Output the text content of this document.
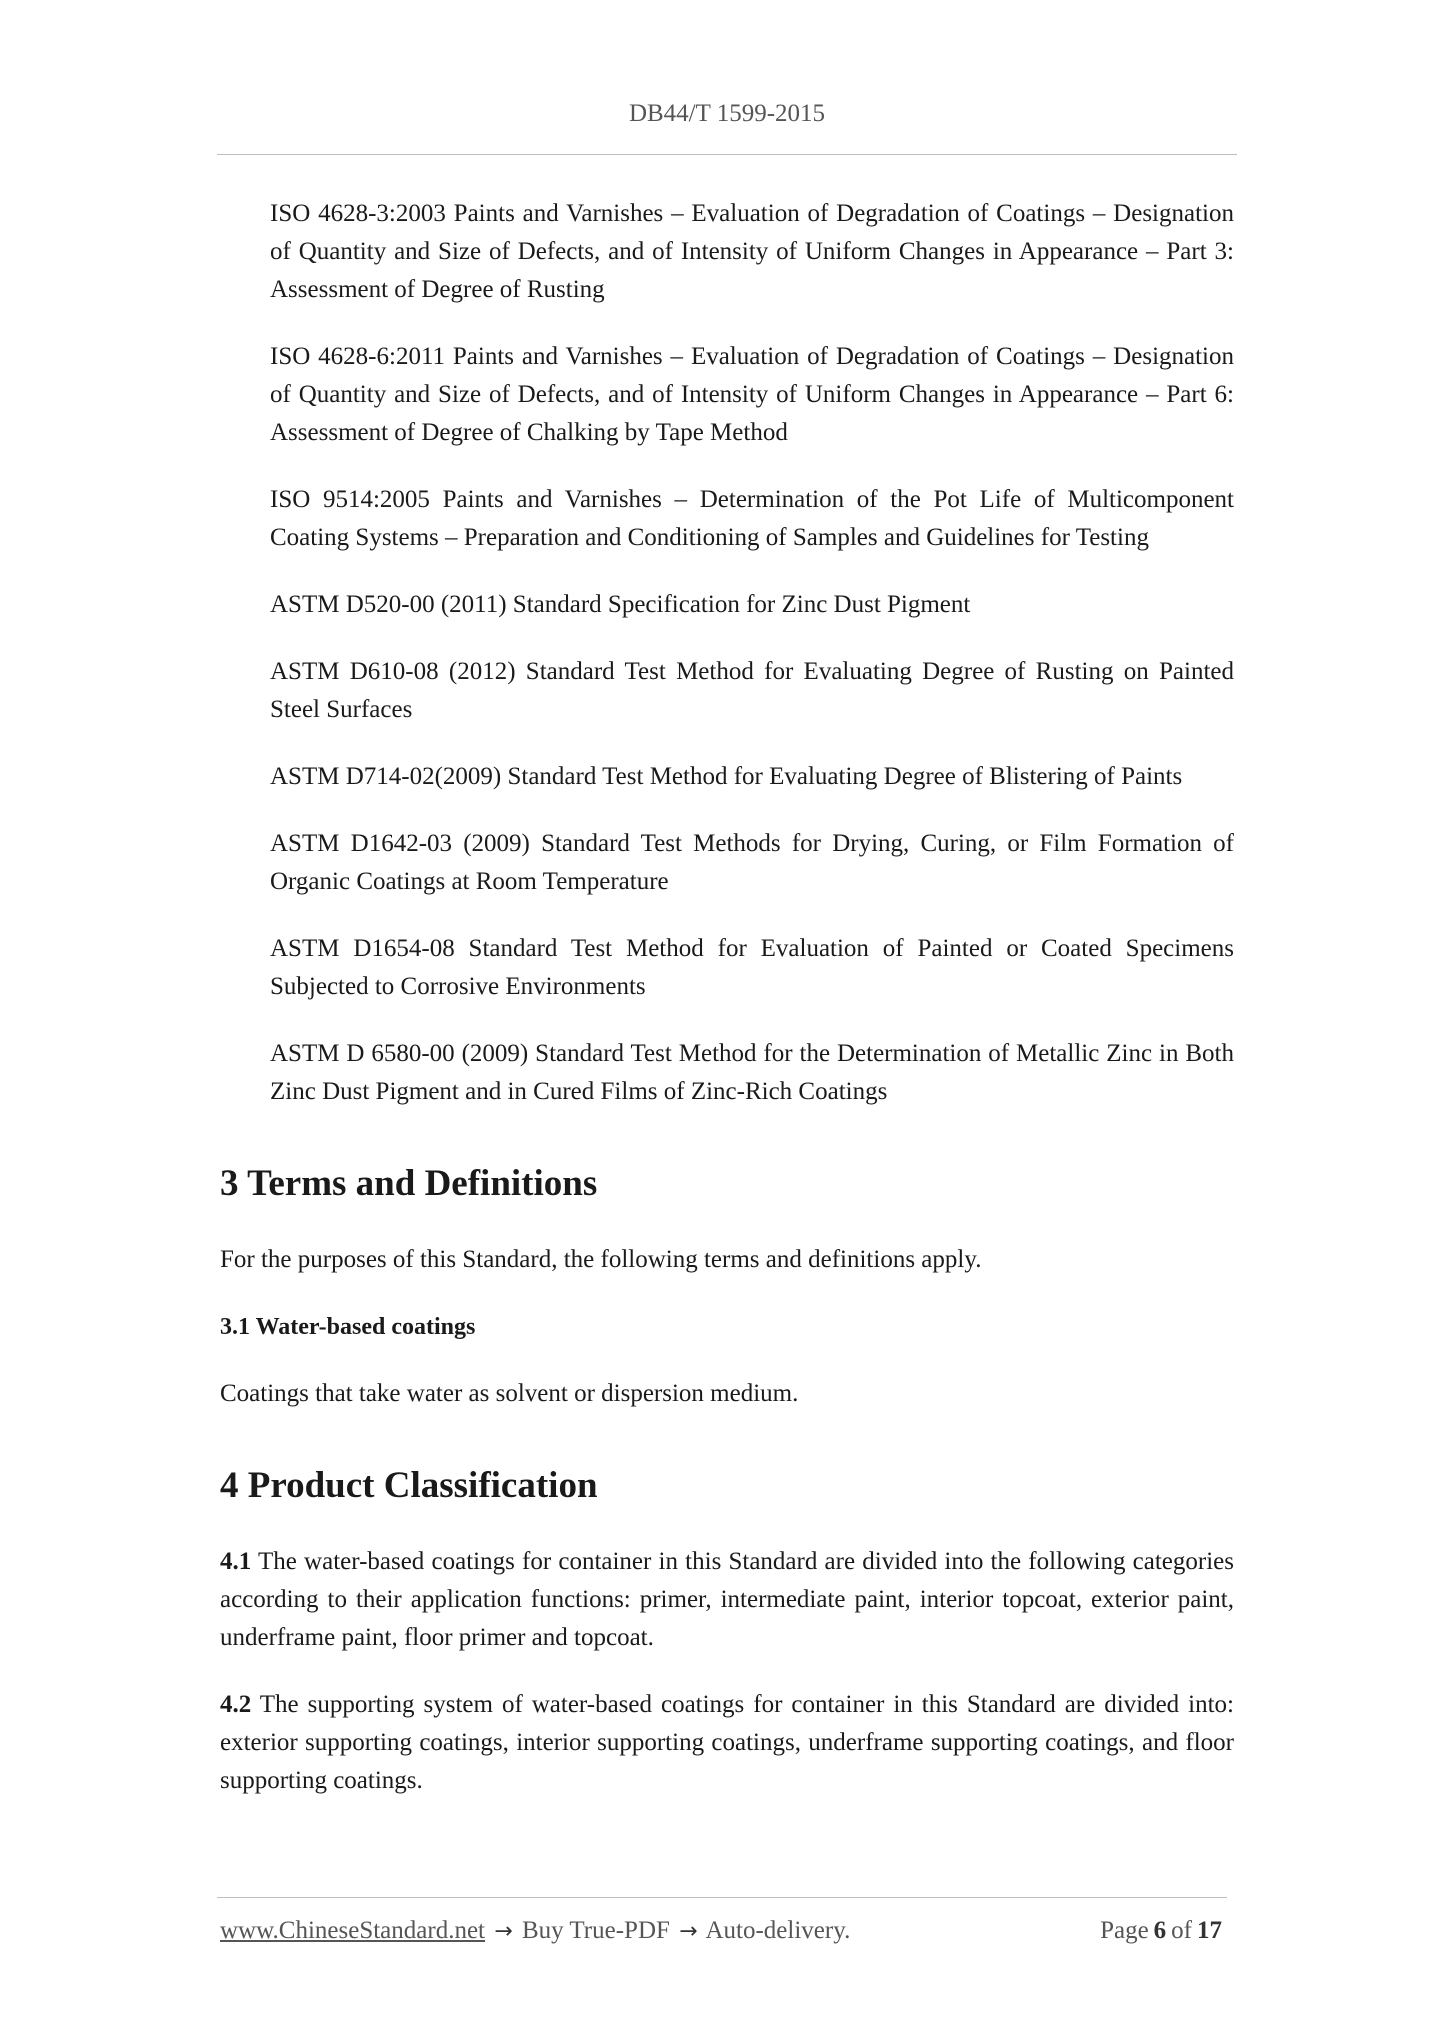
DB44/T 1599-2015

ISO 4628-3:2003 Paints and Varnishes – Evaluation of Degradation of Coatings – Designation of Quantity and Size of Defects, and of Intensity of Uniform Changes in Appearance – Part 3: Assessment of Degree of Rusting

ISO 4628-6:2011 Paints and Varnishes – Evaluation of Degradation of Coatings – Designation of Quantity and Size of Defects, and of Intensity of Uniform Changes in Appearance – Part 6: Assessment of Degree of Chalking by Tape Method

ISO 9514:2005 Paints and Varnishes – Determination of the Pot Life of Multicomponent Coating Systems – Preparation and Conditioning of Samples and Guidelines for Testing

ASTM D520-00 (2011) Standard Specification for Zinc Dust Pigment

ASTM D610-08 (2012) Standard Test Method for Evaluating Degree of Rusting on Painted Steel Surfaces

ASTM D714-02(2009) Standard Test Method for Evaluating Degree of Blistering of Paints

ASTM D1642-03 (2009) Standard Test Methods for Drying, Curing, or Film Formation of Organic Coatings at Room Temperature

ASTM D1654-08 Standard Test Method for Evaluation of Painted or Coated Specimens Subjected to Corrosive Environments

ASTM D 6580-00 (2009) Standard Test Method for the Determination of Metallic Zinc in Both Zinc Dust Pigment and in Cured Films of Zinc-Rich Coatings

3 Terms and Definitions

For the purposes of this Standard, the following terms and definitions apply.

3.1 Water-based coatings

Coatings that take water as solvent or dispersion medium.

4 Product Classification

4.1 The water-based coatings for container in this Standard are divided into the following categories according to their application functions: primer, intermediate paint, interior topcoat, exterior paint, underframe paint, floor primer and topcoat.

4.2 The supporting system of water-based coatings for container in this Standard are divided into: exterior supporting coatings, interior supporting coatings, underframe supporting coatings, and floor supporting coatings.

www.ChineseStandard.net → Buy True-PDF → Auto-delivery.	Page 6 of 17
